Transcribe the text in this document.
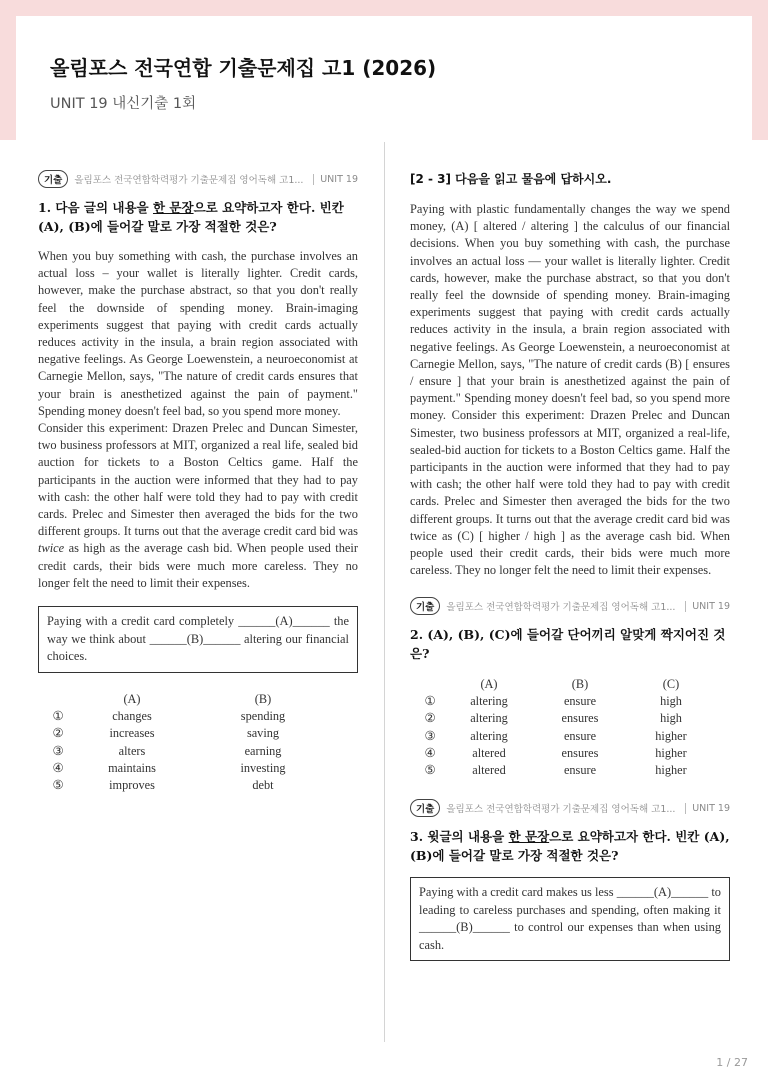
올림포스 전국연합 기출문제집 고1 (2026)
UNIT 19 내신기출 1회
기출	올림포스 전국연합학력평가 기출문제집 영어독해 고1...	UNIT 19
1. 다음 글의 내용을 한 문장으로 요약하고자 한다. 빈칸 (A), (B)에 들어갈 말로 가장 적절한 것은?

When you buy something with cash, the purchase involves an actual loss – your wallet is literally lighter. Credit cards, however, make the purchase abstract, so that you don't really feel the downside of spending money. Brain-imaging experiments suggest that paying with credit cards actually reduces activity in the insula, a brain region associated with negative feelings. As George Loewenstein, a neuroeconomist at Carnegie Mellon, says, "The nature of credit cards ensures that your brain is anesthetized against the pain of payment." Spending money doesn't feel bad, so you spend more money.

Consider this experiment: Drazen Prelec and Duncan Simester, two business professors at MIT, organized a real life, sealed bid auction for tickets to a Boston Celtics game. Half the participants in the auction were informed that they had to pay with cash: the other half were told they had to pay with credit cards. Prelec and Simester then averaged the bids for the two different groups. It turns out that the average credit card bid was twice as high as the average cash bid. When people used their credit cards, their bids were much more careless. They no longer felt the need to limit their expenses.

Paying with a credit card completely ______(A)______ the way we think about ______(B)______ altering our financial choices.
	(A)	(B)
①	changes	spending
②	increases	saving
③	alters	earning
④	maintains	investing
⑤	improves	debt
[2 - 3] 다음을 읽고 물음에 답하시오.

Paying with plastic fundamentally changes the way we spend money, (A) [ altered / altering ] the calculus of our financial decisions. When you buy something with cash, the purchase involves an actual loss — your wallet is literally lighter. Credit cards, however, make the purchase abstract, so that you don't really feel the downside of spending money. Brain-imaging experiments suggest that paying with credit cards actually reduces activity in the insula, a brain region associated with negative feelings. As George Loewenstein, a neuroeconomist at Carnegie Mellon, says, "The nature of credit cards (B) [ ensures / ensure ] that your brain is anesthetized against the pain of payment." Spending money doesn't feel bad, so you spend more money. Consider this experiment: Drazen Prelec and Duncan Simester, two business professors at MIT, organized a real-life, sealed-bid auction for tickets to a Boston Celtics game. Half the participants in the auction were informed that they had to pay with cash; the other half were told they had to pay with credit cards. Prelec and Simester then averaged the bids for the two different groups. It turns out that the average credit card bid was twice as (C) [ higher / high ] as the average cash bid. When people used their credit cards, their bids were much more careless. They no longer felt the need to limit their expenses.

기출	올림포스 전국연합학력평가 기출문제집 영어독해 고1...	UNIT 19
2. (A), (B), (C)에 들어갈 단어끼리 알맞게 짝지어진 것은?
	(A)	(B)	(C)
①	altering	ensure	high
②	altering	ensures	high
③	altering	ensure	higher
④	altered	ensures	higher
⑤	altered	ensure	higher
기출	올림포스 전국연합학력평가 기출문제집 영어독해 고1...	UNIT 19
3. 윗글의 내용을 한 문장으로 요약하고자 한다. 빈칸 (A), (B)에 들어갈 말로 가장 적절한 것은?
Paying with a credit card makes us less ______(A)______ to leading to careless purchases and spending, often making it ______(B)______ to control our expenses than when using cash.
1 / 27
